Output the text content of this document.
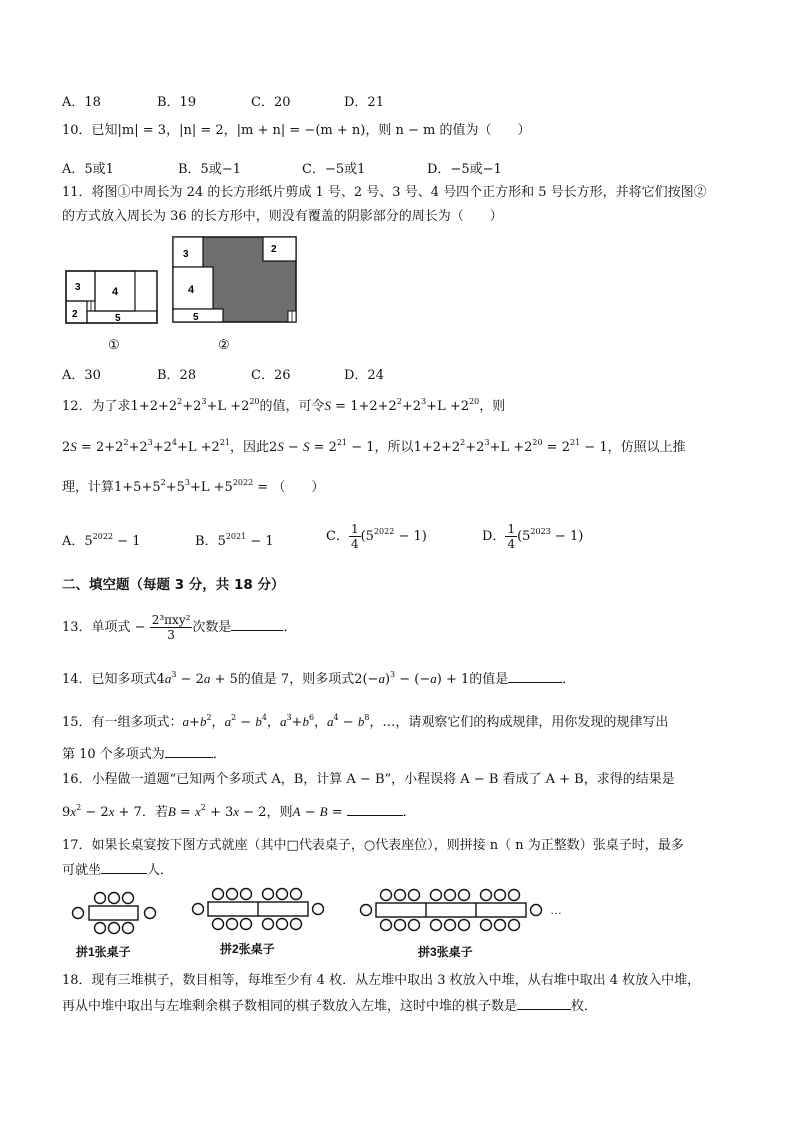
A．18	B．19	C．20	D．21
10．已知|m| = 3，|n| = 2，|m + n| = −(m + n)，则 n − m 的值为（　　）
A．5或1	B．5或−1	C．−5或1	D．−5或−1
11．将图①中周长为 24 的长方形纸片剪成 1 号、2 号、3 号、4 号四个正方形和 5 号长方形，并将它们按图②
的方式放入周长为 36 的长方形中，则没有覆盖的阴影部分的周长为（　　）
3
2
4
5
①
3
4
5
2
②
A．30	B．28	C．26	D．24
12．为了求$1+2+2^2+2^3+L +2^{20}$的值，可令$S = 1+2+2^2+2^3+L +2^{20}$，则
$2S = 2+2^2+2^3+2^4+L +2^{21}$，因此$2S - S = 2^{21} - 1$，所以$1+2+2^2+2^3+L +2^{20} = 2^{21} - 1$，仿照以上推
理，计算$1+5+5^2+5^3+L +5^{2022}$ = （　　）
A．$5^{2022} - 1$	B．$5^{2021} - 1$	C． $\frac{1}{4} (5^{2022} - 1)$	D． $\frac{1}{4} (5^{2023} - 1)$
二、填空题（每题 3 分，共 18 分）
13．单项式 − $\frac{\text{2³πxy²}}{3}$ 次数是	．
14．已知多项式$4a^3 - 2a + 5$的值是 7，则多项式$2(-a)^3 - (-a) + 1$的值是	．
15．有一组多项式：$a+b^2$，$a^2 - b^4$，$a^3+b^6$，$a^4 - b^8$，…，请观察它们的构成规律，用你发现的规律写出
第 10 个多项式为	．
16．小程做一道题“已知两个多项式 A，B，计算 A − B”，小程误将 A − B 看成了 A + B，求得的结果是
$9x^2 - 2x + 7$．若$B = x^2 + 3x - 2$，则A − B =	．
17．如果长桌宴按下图方式就座（其中□代表桌子，○代表座位），则拼接 n（ n 为正整数）张桌子时，最多
可就坐	人．
…
拼1张桌子	拼2张桌子	拼3张桌子
18．现有三堆棋子，数目相等，每堆至少有 4 枚．从左堆中取出 3 枚放入中堆，从右堆中取出 4 枚放入中堆，
再从中堆中取出与左堆剩余棋子数相同的棋子数放入左堆，这时中堆的棋子数是	枚．
